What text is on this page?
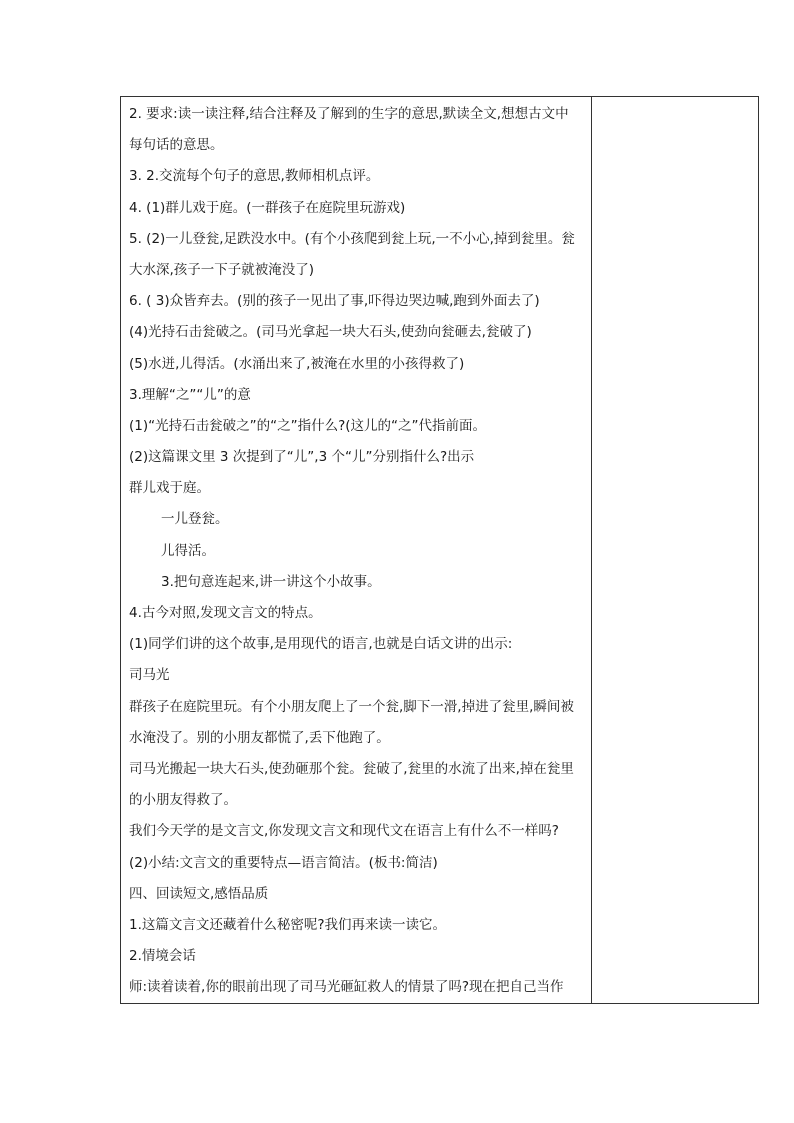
2. 要求:读一读注释,结合注释及了解到的生字的意思,默读全文,想想古文中
每句话的意思。
3. 2.交流每个句子的意思,教师相机点评。
4. (1)群儿戏于庭。(一群孩子在庭院里玩游戏)
5. (2)一儿登瓮,足跌没水中。(有个小孩爬到瓮上玩,一不小心,掉到瓮里。瓮
大水深,孩子一下子就被淹没了)
6. ( 3)众皆弃去。(别的孩子一见出了事,吓得边哭边喊,跑到外面去了)
(4)光持石击瓮破之。(司马光拿起一块大石头,使劲向瓮砸去,瓮破了)
(5)水迸,儿得活。(水涌出来了,被淹在水里的小孩得救了)
3.理解“之”“儿”的意
(1)“光持石击瓮破之”的“之”指什么?(这儿的“之”代指前面。
(2)这篇课文里 3 次提到了“儿”,3 个“儿”分别指什么?出示
群儿戏于庭。
一儿登瓮。
儿得活。
3.把句意连起来,讲一讲这个小故事。
4.古今对照,发现文言文的特点。
(1)同学们讲的这个故事,是用现代的语言,也就是白话文讲的出示:
司马光
群孩子在庭院里玩。有个小朋友爬上了一个瓮,脚下一滑,掉进了瓮里,瞬间被
水淹没了。别的小朋友都慌了,丢下他跑了。
司马光搬起一块大石头,使劲砸那个瓮。瓮破了,瓮里的水流了出来,掉在瓮里
的小朋友得救了。
我们今天学的是文言文,你发现文言文和现代文在语言上有什么不一样吗?
(2)小结:文言文的重要特点—语言简洁。(板书:简洁)
四、回读短文,感悟品质
1.这篇文言文还藏着什么秘密呢?我们再来读一读它。
2.情境会话
师:读着读着,你的眼前出现了司马光砸缸救人的情景了吗?现在把自己当作
